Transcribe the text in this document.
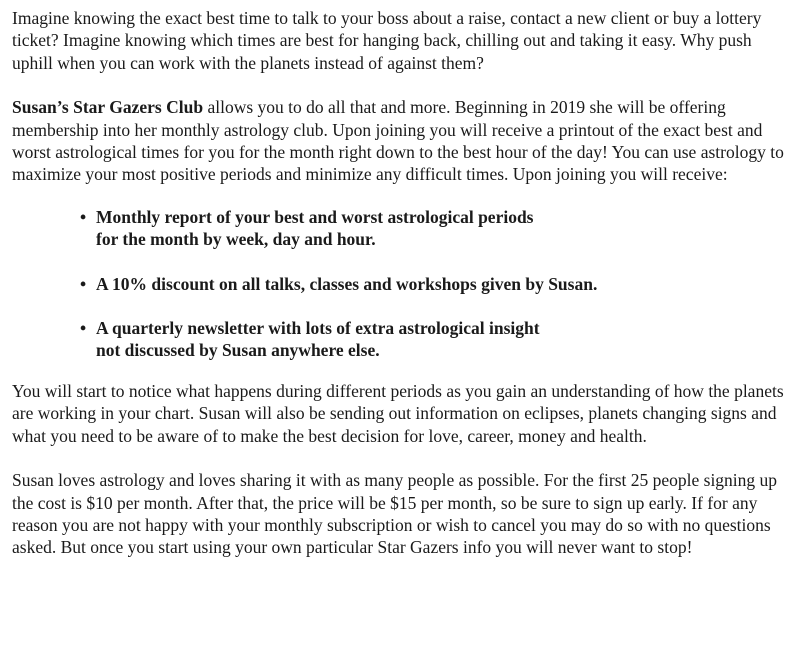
Imagine knowing the exact best time to talk to your boss about a raise, contact a new client or buy a lottery ticket? Imagine knowing which times are best for hanging back, chilling out and taking it easy. Why push uphill when you can work with the planets instead of against them?

Susan’s Star Gazers Club allows you to do all that and more. Beginning in 2019 she will be offering membership into her monthly astrology club. Upon joining you will receive a printout of the exact best and worst astrological times for you for the month right down to the best hour of the day! You can use astrology to maximize your most positive periods and minimize any difficult times. Upon joining you will receive:

• Monthly report of your best and worst astrological periods
for the month by week, day and hour.
• A 10% discount on all talks, classes and workshops given by Susan.
• A quarterly newsletter with lots of extra astrological insight
not discussed by Susan anywhere else.

You will start to notice what happens during different periods as you gain an understanding of how the planets are working in your chart. Susan will also be sending out information on eclipses, planets changing signs and what you need to be aware of to make the best decision for love, career, money and health.

Susan loves astrology and loves sharing it with as many people as possible. For the first 25 people signing up the cost is $10 per month. After that, the price will be $15 per month, so be sure to sign up early. If for any reason you are not happy with your monthly subscription or wish to cancel you may do so with no questions asked. But once you start using your own particular Star Gazers info you will never want to stop!
